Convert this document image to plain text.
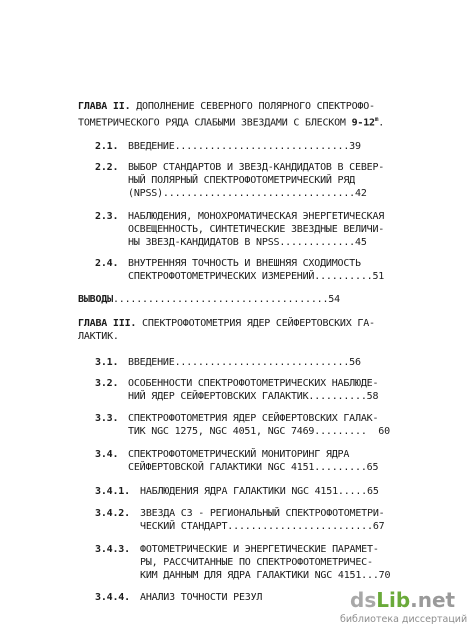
ГЛАВА II. ДОПОЛНЕНИЕ СЕВЕРНОГО ПОЛЯРНОГО СПЕКТРОФО-
ТОМЕТРИЧЕСКОГО РЯДА СЛАБЫМИ ЗВЕЗДАМИ С БЛЕСКОМ 9-12$^m$.
2.1. ВВЕДЕНИЕ..............................39
2.2. ВЫБОР СТАНДАРТОВ И ЗВЕЗД-КАНДИДАТОВ В СЕВЕР-
НЫЙ ПОЛЯРНЫЙ СПЕКТРОФОТОМЕТРИЧЕСКИЙ РЯД
(NPSS).................................42
2.3. НАБЛЮДЕНИЯ, МОНОХРОМАТИЧЕСКАЯ ЭНЕРГЕТИЧЕСКАЯ
ОСВЕЩЕННОСТЬ, СИНТЕТИЧЕСКИЕ ЗВЕЗДНЫЕ ВЕЛИЧИ-
НЫ ЗВЕЗД-КАНДИДАТОВ В NPSS.............45
2.4. ВНУТРЕННЯЯ ТОЧНОСТЬ И ВНЕШНЯЯ СХОДИМОСТЬ
СПЕКТРОФОТОМЕТРИЧЕСКИХ ИЗМЕРЕНИЙ..........51
ВЫВОДЫ.....................................54
ГЛАВА III. СПЕКТРОФОТОМЕТРИЯ ЯДЕР СЕЙФЕРТОВСКИХ ГА-
ЛАКТИК.
3.1. ВВЕДЕНИЕ..............................56
3.2. ОСОБЕННОСТИ СПЕКТРОФОТОМЕТРИЧЕСКИХ НАБЛЮДЕ-
НИЙ ЯДЕР СЕЙФЕРТОВСКИХ ГАЛАКТИК..........58
3.3. СПЕКТРОФОТОМЕТРИЯ ЯДЕР СЕЙФЕРТОВСКИХ ГАЛАК-
ТИК NGC 1275, NGC 4051, NGC 7469.........  60
3.4. СПЕКТРОФОТОМЕТРИЧЕСКИЙ МОНИТОРИНГ ЯДРА
СЕЙФЕРТОВСКОЙ ГАЛАКТИКИ NGC 4151.........65
3.4.1. НАБЛЮДЕНИЯ ЯДРА ГАЛАКТИКИ NGC 4151.....65
3.4.2. ЗВЕЗДА С3 - РЕГИОНАЛЬНЫЙ СПЕКТРОФОТОМЕТРИ-
ЧЕСКИЙ СТАНДАРТ.........................67
3.4.3. ФОТОМЕТРИЧЕСКИЕ И ЭНЕРГЕТИЧЕСКИЕ ПАРАМЕТ-
РЫ, РАССЧИТАННЫЕ ПО СПЕКТРОФОТОМЕТРИЧЕС-
КИМ ДАННЫМ ДЛЯ ЯДРА ГАЛАКТИКИ NGC 4151...70
3.4.4. АНАЛИЗ ТОЧНОСТИ РЕЗУЛ	dsLib.net
библиотека диссертаций
